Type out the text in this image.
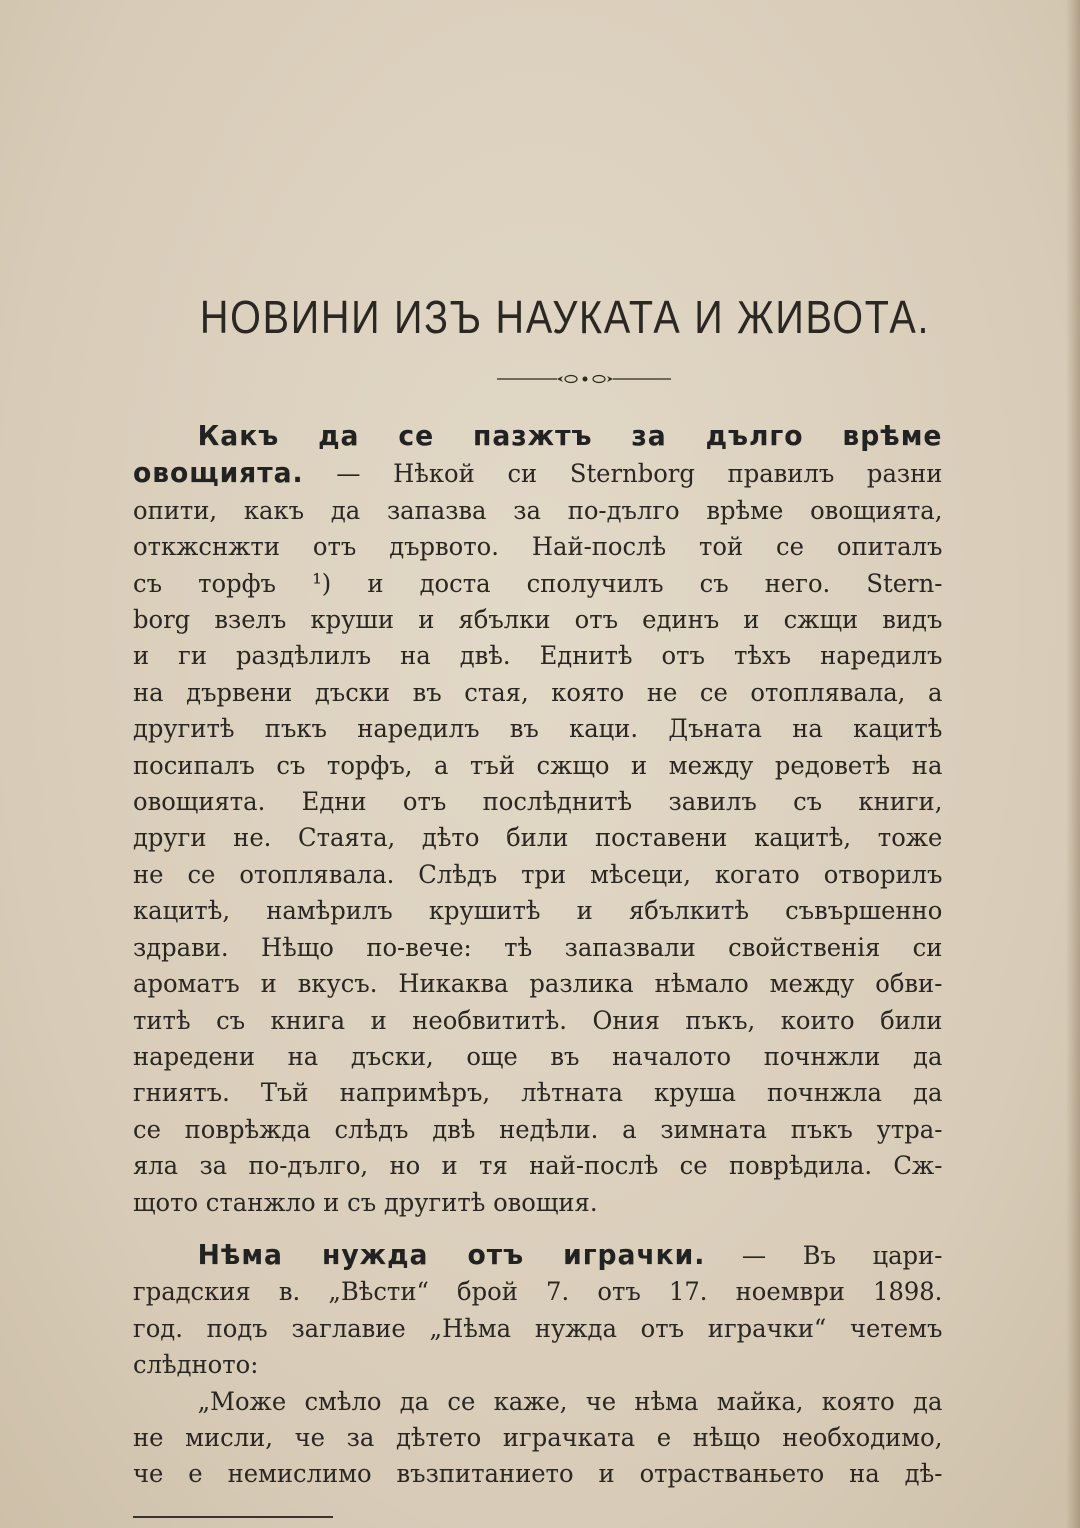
НОВИНИ ИЗЪ НАУКАТА И ЖИВОТА.
Какъ да се пазжтъ за дълго врѣме
овощията. — Нѣкой си Sternborg правилъ разни
опити, какъ да запазва за по-дълго врѣме овощията,
откжснжти отъ дървото. Най-послѣ той се опиталъ
съ торфъ ¹) и доста сполучилъ съ него. Stern-
borg взелъ круши и ябълки отъ единъ и сжщи видъ
и ги раздѣлилъ на двѣ. Еднитѣ отъ тѣхъ наредилъ
на дървени дъски въ стая, която не се отоплявала, а
другитѣ пъкъ наредилъ въ каци. Дъната на кацитѣ
посипалъ съ торфъ, а тъй сжщо и между редоветѣ на
овощията. Едни отъ послѣднитѣ завилъ съ книги,
други не. Стаята, дѣто били поставени кацитѣ, тоже
не се отоплявала. Слѣдъ три мѣсеци, когато отворилъ
кацитѣ, намѣрилъ крушитѣ и ябълкитѣ съвършенно
здрави. Нѣщо по-вече: тѣ запазвали свойственія си
ароматъ и вкусъ. Никаква разлика нѣмало между обви-
титѣ съ книга и необвититѣ. Ония пъкъ, които били
наредени на дъски, още въ началото почнжли да
гниятъ. Тъй напримѣръ, лѣтната круша почнжла да
се поврѣжда слѣдъ двѣ недѣли. а зимната пъкъ утра-
яла за по-дълго, но и тя най-послѣ се поврѣдила. Сж-
щото станжло и съ другитѣ овощия.
Нѣма нужда отъ играчки. — Въ цари-
градския в. „Вѣсти“ брой 7. отъ 17. ноември 1898.
год. подъ заглавие „Нѣма нужда отъ играчки“ четемъ
слѣдното:
„Може смѣло да се каже, че нѣма майка, която да
не мисли, че за дѣтето играчката е нѣщо необходимо,
че е немислимо възпитанието и отрастваньето на дѣ-
